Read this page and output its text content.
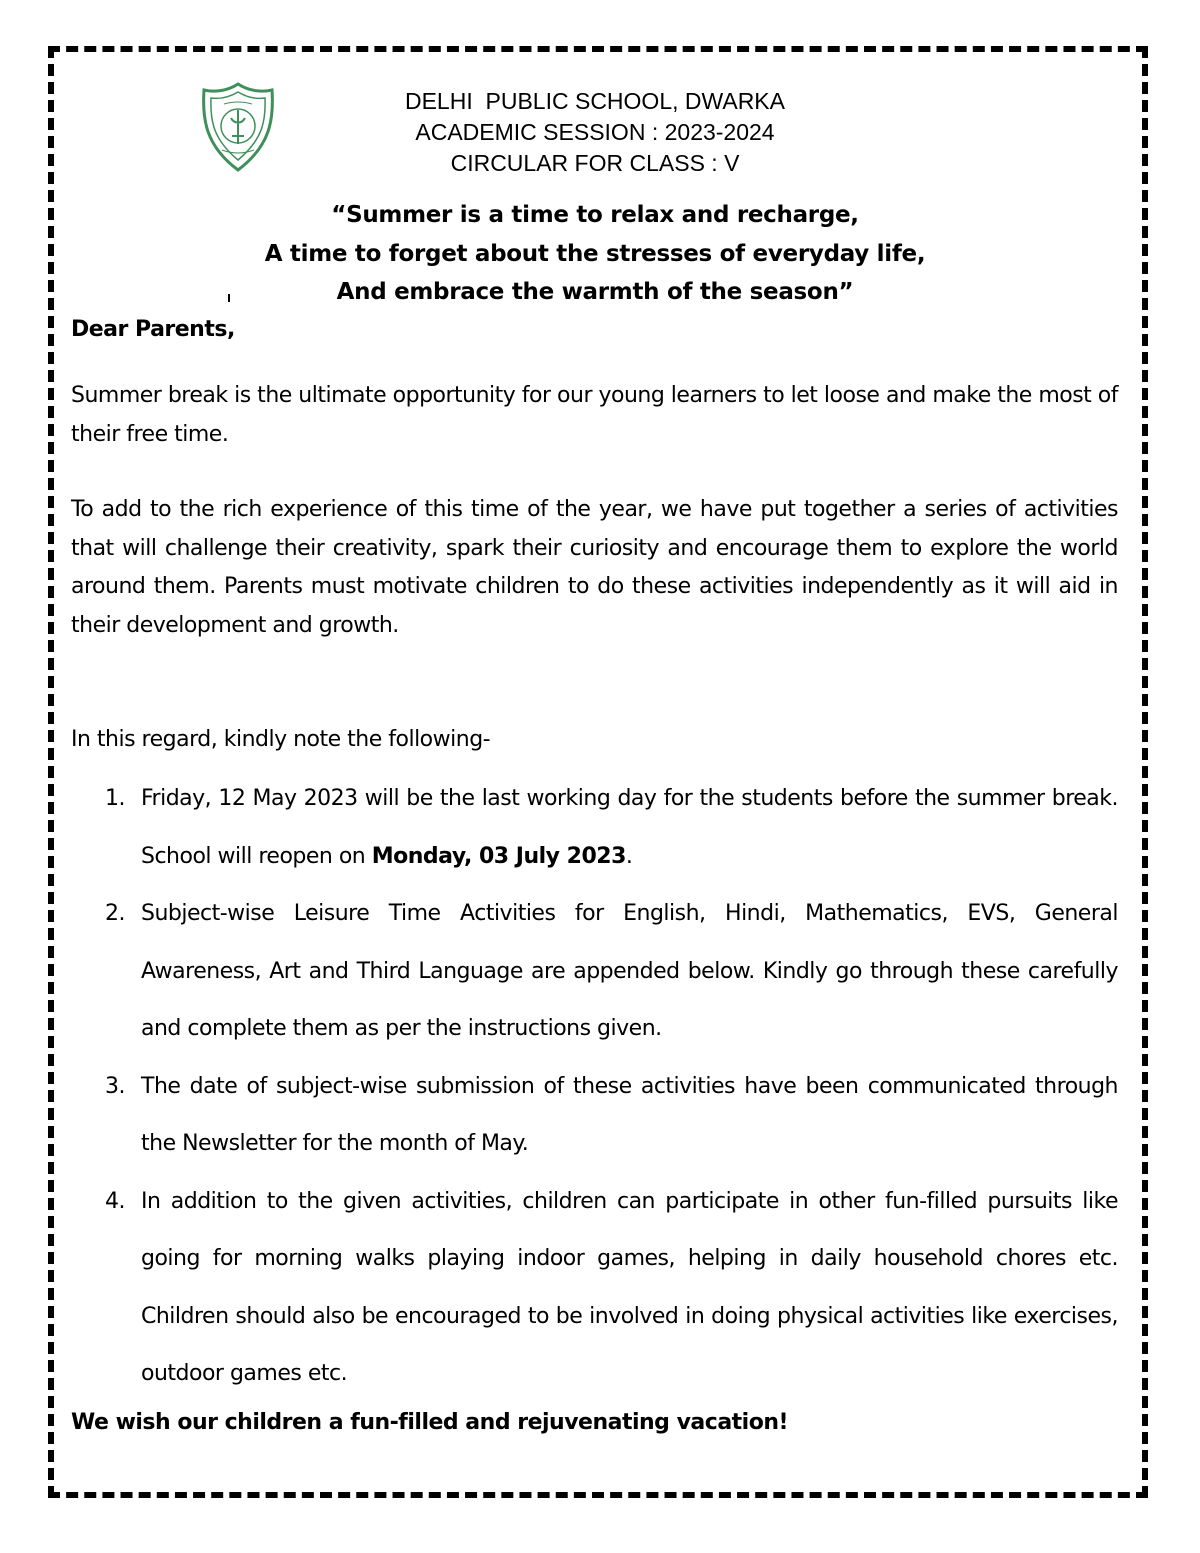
DELHI  PUBLIC SCHOOL, DWARKA
ACADEMIC SESSION : 2023-2024
CIRCULAR FOR CLASS : V
“Summer is a time to relax and recharge,
A time to forget about the stresses of everyday life,
And embrace the warmth of the season”
Dear Parents,
Summer break is the ultimate opportunity for our young learners to let loose and make the most of their free time.
To add to the rich experience of this time of the year, we have put together a series of activities that will challenge their creativity, spark their curiosity and encourage them to explore the world around them. Parents must motivate children to do these activities independently as it will aid in their development and growth.
In this regard, kindly note the following-
1. Friday, 12 May 2023 will be the last working day for the students before the summer break. School will reopen on Monday, 03 July 2023.
2. Subject-wise Leisure Time Activities for English, Hindi, Mathematics, EVS, General Awareness, Art and Third Language are appended below. Kindly go through these carefully and complete them as per the instructions given.
3. The date of subject-wise submission of these activities have been communicated through the Newsletter for the month of May.
4. In addition to the given activities, children can participate in other fun-filled pursuits like going for morning walks playing indoor games, helping in daily household chores etc. Children should also be encouraged to be involved in doing physical activities like exercises, outdoor games etc.
We wish our children a fun-filled and rejuvenating vacation!
